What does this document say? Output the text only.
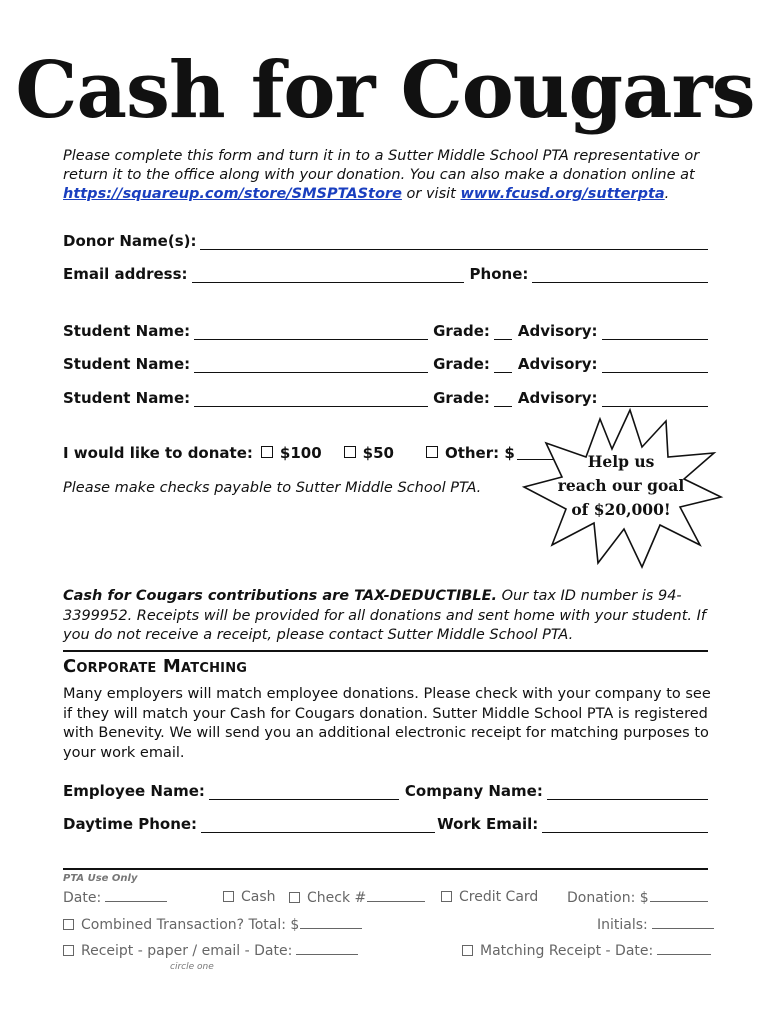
Cash for Cougars
Please complete this form and turn it in to a Sutter Middle School PTA representative or return it to the office along with your donation. You can also make a donation online at https://squareup.com/store/SMSPTAStore or visit www.fcusd.org/sutterpta.
Donor Name(s):
Email address:	Phone:
Student Name:	Grade: Advisory:
Student Name:	Grade: Advisory:
Student Name:	Grade: Advisory:
I would like to donate: $100	$50	Other: $
Please make checks payable to Sutter Middle School PTA.
Help us
reach our goal
of $20,000!
Cash for Cougars contributions are TAX-DEDUCTIBLE. Our tax ID number is 94-3399952. Receipts will be provided for all donations and sent home with your student. If you do not receive a receipt, please contact Sutter Middle School PTA.
Corporate Matching
Many employers will match employee donations. Please check with your company to see if they will match your Cash for Cougars donation. Sutter Middle School PTA is registered with Benevity. We will send you an additional electronic receipt for matching purposes to your work email.
Employee Name:	Company Name:
Daytime Phone:	Work Email:
PTA Use Only
Date:	Cash	Check #	Credit Card Donation: $
Combined Transaction? Total: $	Initials:
Receipt - paper / email - Date:	Matching Receipt - Date:
circle one
